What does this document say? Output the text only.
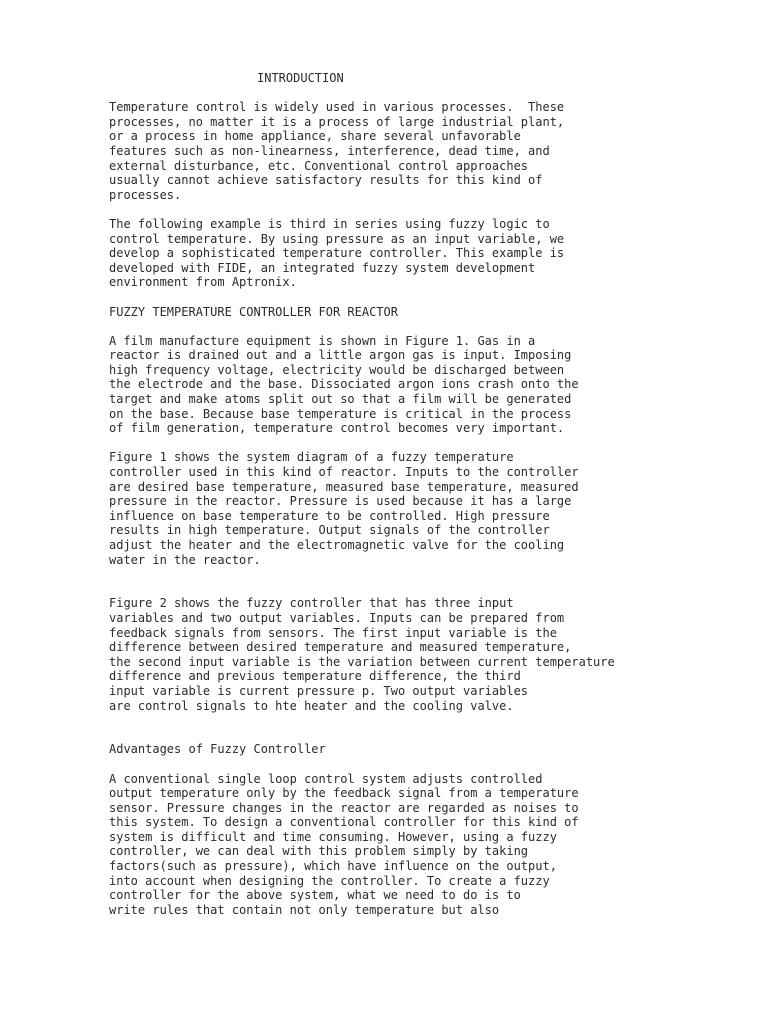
INTRODUCTION
Temperature control is widely used in various processes.  These
processes, no matter it is a process of large industrial plant,
or a process in home appliance, share several unfavorable
features such as non-linearness, interference, dead time, and
external disturbance, etc. Conventional control approaches
usually cannot achieve satisfactory results for this kind of
processes.
The following example is third in series using fuzzy logic to
control temperature. By using pressure as an input variable, we
develop a sophisticated temperature controller. This example is
developed with FIDE, an integrated fuzzy system development
environment from Aptronix.
FUZZY TEMPERATURE CONTROLLER FOR REACTOR
A film manufacture equipment is shown in Figure 1. Gas in a
reactor is drained out and a little argon gas is input. Imposing
high frequency voltage, electricity would be discharged between
the electrode and the base. Dissociated argon ions crash onto the
target and make atoms split out so that a film will be generated
on the base. Because base temperature is critical in the process
of film generation, temperature control becomes very important.
Figure 1 shows the system diagram of a fuzzy temperature
controller used in this kind of reactor. Inputs to the controller
are desired base temperature, measured base temperature, measured
pressure in the reactor. Pressure is used because it has a large
influence on base temperature to be controlled. High pressure
results in high temperature. Output signals of the controller
adjust the heater and the electromagnetic valve for the cooling
water in the reactor.
Figure 2 shows the fuzzy controller that has three input
variables and two output variables. Inputs can be prepared from
feedback signals from sensors. The first input variable is the
difference between desired temperature and measured temperature,
the second input variable is the variation between current temperature
difference and previous temperature difference, the third
input variable is current pressure p. Two output variables
are control signals to hte heater and the cooling valve.
Advantages of Fuzzy Controller
A conventional single loop control system adjusts controlled
output temperature only by the feedback signal from a temperature
sensor. Pressure changes in the reactor are regarded as noises to
this system. To design a conventional controller for this kind of
system is difficult and time consuming. However, using a fuzzy
controller, we can deal with this problem simply by taking
factors(such as pressure), which have influence on the output,
into account when designing the controller. To create a fuzzy
controller for the above system, what we need to do is to
write rules that contain not only temperature but also
